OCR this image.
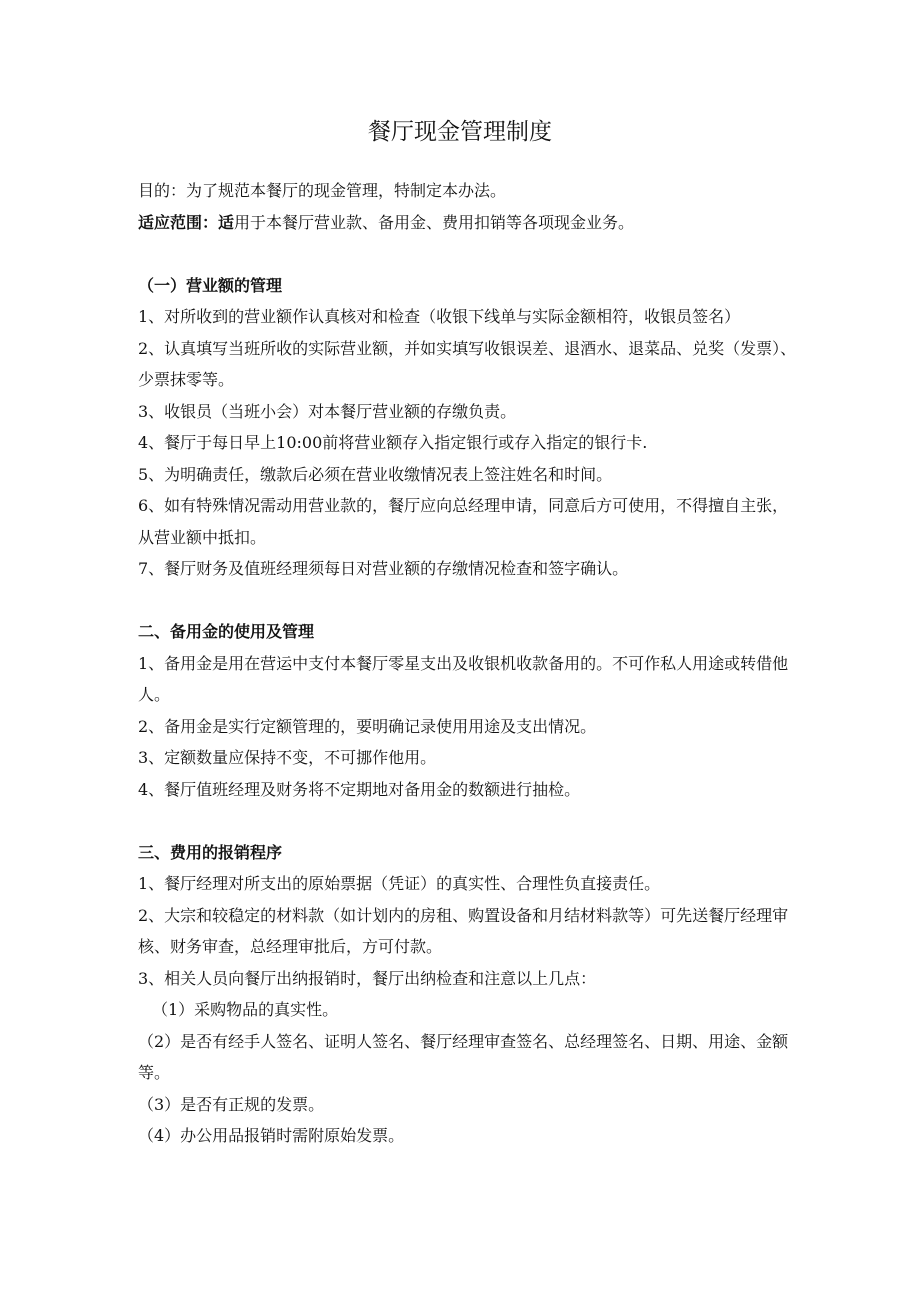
餐厅现金管理制度

目的：为了规范本餐厅的现金管理，特制定本办法。

适应范围：适用于本餐厅营业款、备用金、费用扣销等各项现金业务。

（一）营业额的管理

1、对所收到的营业额作认真核对和检查（收银下线单与实际金额相符，收银员签名）

2、认真填写当班所收的实际营业额，并如实填写收银误差、退酒水、退菜品、兑奖（发票）、少票抹零等。

3、收银员（当班小会）对本餐厅营业额的存缴负责。

4、餐厅于每日早上10:00前将营业额存入指定银行或存入指定的银行卡.

5、为明确责任，缴款后必须在营业收缴情况表上签注姓名和时间。

6、如有特殊情况需动用营业款的，餐厅应向总经理申请，同意后方可使用，不得擅自主张，从营业额中抵扣。

7、餐厅财务及值班经理须每日对营业额的存缴情况检查和签字确认。

二、备用金的使用及管理

1、备用金是用在营运中支付本餐厅零星支出及收银机收款备用的。不可作私人用途或转借他人。

2、备用金是实行定额管理的，要明确记录使用用途及支出情况。

3、定额数量应保持不变，不可挪作他用。

4、餐厅值班经理及财务将不定期地对备用金的数额进行抽检。

三、费用的报销程序

1、餐厅经理对所支出的原始票据（凭证）的真实性、合理性负直接责任。

2、大宗和较稳定的材料款（如计划内的房租、购置设备和月结材料款等）可先送餐厅经理审核、财务审查，总经理审批后，方可付款。

3、相关人员向餐厅出纳报销时，餐厅出纳检查和注意以上几点：

（1）采购物品的真实性。

（2）是否有经手人签名、证明人签名、餐厅经理审查签名、总经理签名、日期、用途、金额等。

（3）是否有正规的发票。

（4）办公用品报销时需附原始发票。
